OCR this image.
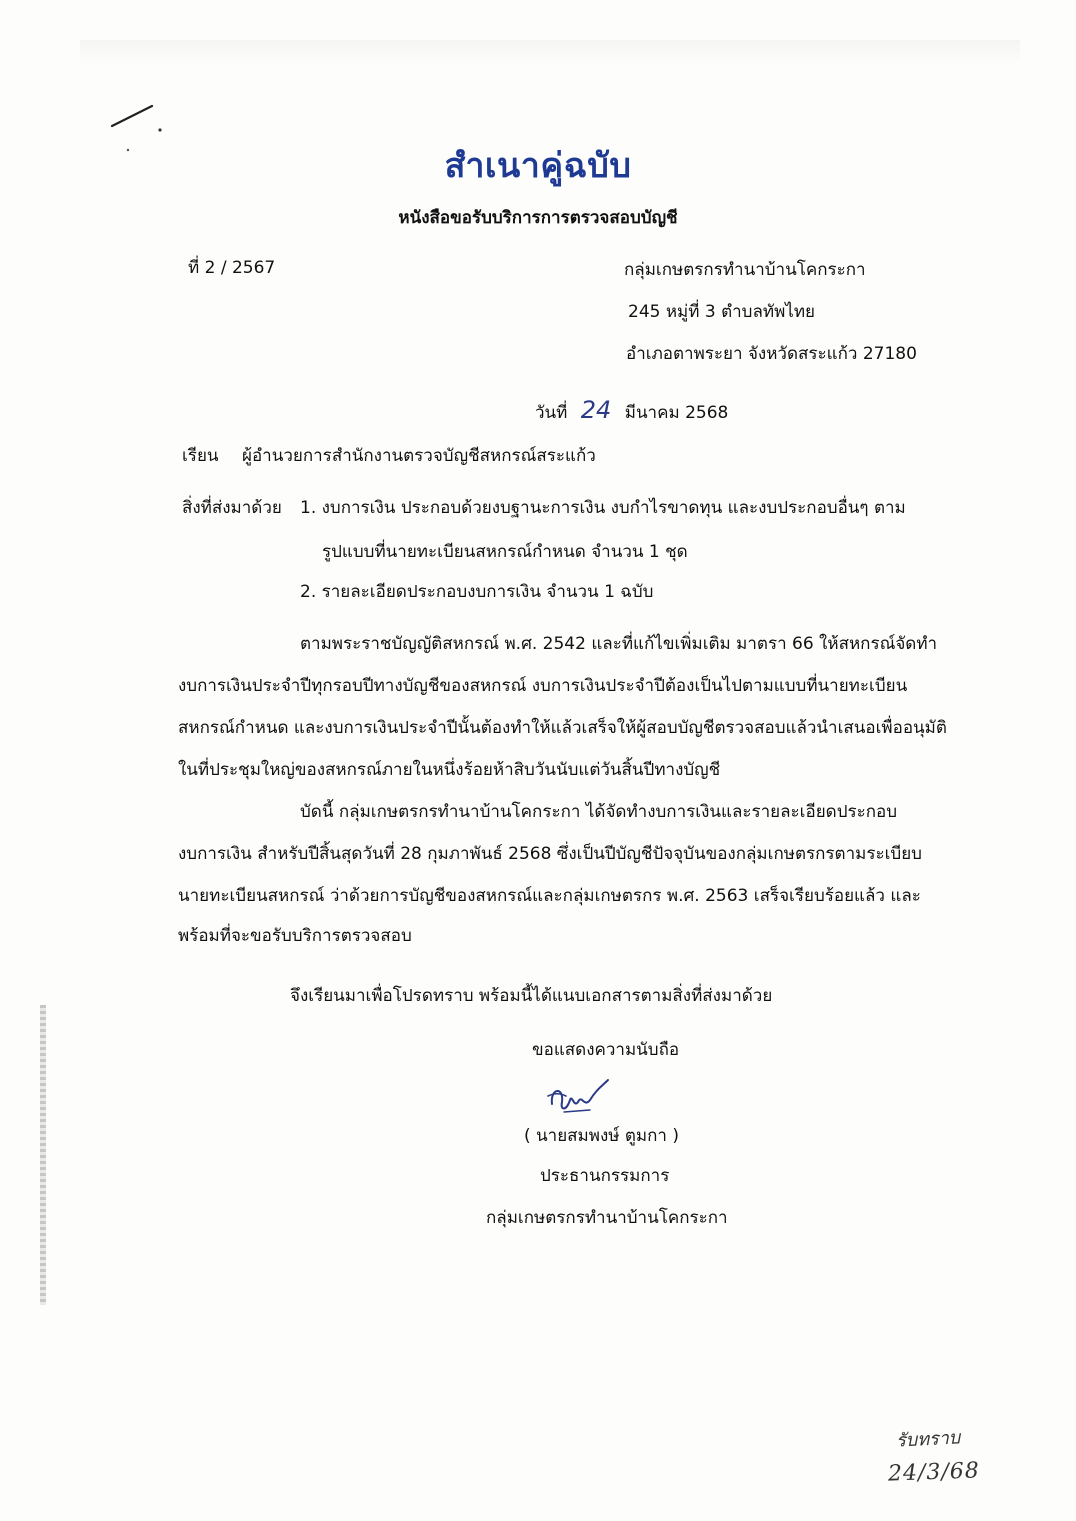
สำเนาคู่ฉบับ
หนังสือขอรับบริการการตรวจสอบบัญชี
ที่ 2 / 2567	กลุ่มเกษตรกรทำนาบ้านโคกระกา
245 หมู่ที่ 3 ตำบลทัพไทย
อำเภอตาพระยา จังหวัดสระแก้ว 27180
วันที่ 24 มีนาคม 2568
เรียน ผู้อำนวยการสำนักงานตรวจบัญชีสหกรณ์สระแก้ว
สิ่งที่ส่งมาด้วย 1. งบการเงิน ประกอบด้วยงบฐานะการเงิน งบกำไรขาดทุน และงบประกอบอื่นๆ ตาม
รูปแบบที่นายทะเบียนสหกรณ์กำหนด จำนวน 1 ชุด
2. รายละเอียดประกอบงบการเงิน จำนวน 1 ฉบับ
ตามพระราชบัญญัติสหกรณ์ พ.ศ. 2542 และที่แก้ไขเพิ่มเติม มาตรา 66 ให้สหกรณ์จัดทำ
งบการเงินประจำปีทุกรอบปีทางบัญชีของสหกรณ์ งบการเงินประจำปีต้องเป็นไปตามแบบที่นายทะเบียน
สหกรณ์กำหนด และงบการเงินประจำปีนั้นต้องทำให้แล้วเสร็จให้ผู้สอบบัญชีตรวจสอบแล้วนำเสนอเพื่ออนุมัติ
ในที่ประชุมใหญ่ของสหกรณ์ภายในหนึ่งร้อยห้าสิบวันนับแต่วันสิ้นปีทางบัญชี
บัดนี้ กลุ่มเกษตรกรทำนาบ้านโคกระกา ได้จัดทำงบการเงินและรายละเอียดประกอบ
งบการเงิน สำหรับปีสิ้นสุดวันที่ 28 กุมภาพันธ์ 2568 ซึ่งเป็นปีบัญชีปัจจุบันของกลุ่มเกษตรกรตามระเบียบ
นายทะเบียนสหกรณ์ ว่าด้วยการบัญชีของสหกรณ์และกลุ่มเกษตรกร พ.ศ. 2563 เสร็จเรียบร้อยแล้ว และ
พร้อมที่จะขอรับบริการตรวจสอบ
จึงเรียนมาเพื่อโปรดทราบ พร้อมนี้ได้แนบเอกสารตามสิ่งที่ส่งมาด้วย
ขอแสดงความนับถือ
( นายสมพงษ์ ตูมกา )
ประธานกรรมการ
กลุ่มเกษตรกรทำนาบ้านโคกระกา
รับทราบ
24/3/68
